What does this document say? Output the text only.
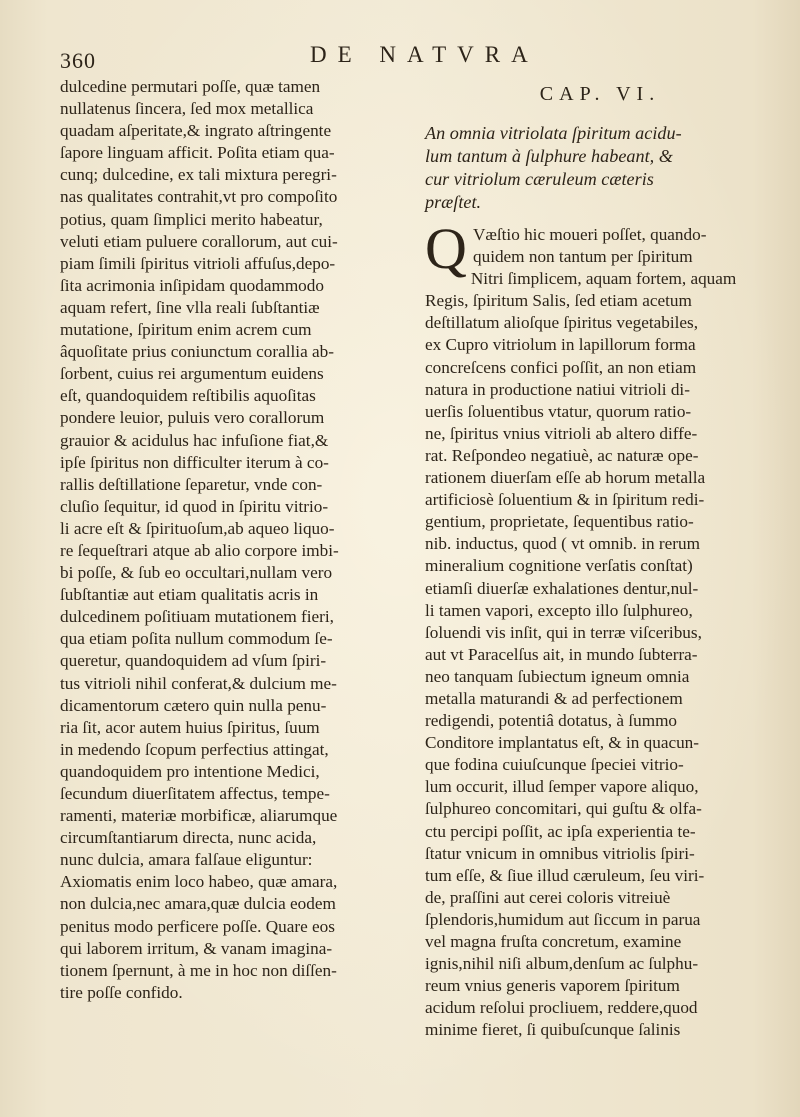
360	DE NATVRA
dulcedine permutari poſſe, quæ tamen
nullatenus ſincera, ſed mox metallica
quadam aſperitate,& ingrato aſtringente
ſapore linguam afficit. Poſita etiam qua-
cunq; dulcedine, ex tali mixtura peregri-
nas qualitates contrahit,vt pro compoſito
potius, quam ſimplici merito habeatur,
veluti etiam puluere corallorum, aut cui-
piam ſimili ſpiritus vitrioli affuſus,depo-
ſita acrimonia inſipidam quodammodo
aquam refert, ſine vlla reali ſubſtantiæ
mutatione, ſpiritum enim acrem cum
âquoſitate prius coniunctum corallia ab-
ſorbent, cuius rei argumentum euidens
eſt, quandoquidem reſtibilis aquoſitas
pondere leuior, puluis vero corallorum
grauior & acidulus hac infuſione fiat,&
ipſe ſpiritus non difficulter iterum à co-
rallis deſtillatione ſeparetur, vnde con-
cluſio ſequitur, id quod in ſpiritu vitrio-
li acre eſt & ſpirituoſum,ab aqueo liquo-
re ſequeſtrari atque ab alio corpore imbi-
bi poſſe, & ſub eo occultari,nullam vero
ſubſtantiæ aut etiam qualitatis acris in
dulcedinem poſitiuam mutationem fieri,
qua etiam poſita nullum commodum ſe-
queretur, quandoquidem ad vſum ſpiri-
tus vitrioli nihil conferat,& dulcium me-
dicamentorum cætero quin nulla penu-
ria ſit, acor autem huius ſpiritus, ſuum
in medendo ſcopum perfectius attingat,
quandoquidem pro intentione Medici,
ſecundum diuerſitatem affectus, tempe-
ramenti, materiæ morbificæ, aliarumque
circumſtantiarum directa, nunc acida,
nunc dulcia, amara falſaue eliguntur:
Axiomatis enim loco habeo, quæ amara,
non dulcia,nec amara,quæ dulcia eodem
penitus modo perficere poſſe. Quare eos
qui laborem irritum, & vanam imagina-
tionem ſpernunt, à me in hoc non diſſen-
tire poſſe confido.
CAP. VI.
An omnia vitriolata ſpiritum acidu-
lum tantum à ſulphure habeant, &
cur vitriolum cæruleum cæteris
præſtet.
Q Væſtio hic moueri poſſet, quando-
quidem non tantum per ſpiritum
Nitri ſimplicem, aquam fortem, aquam
Regis, ſpiritum Salis, ſed etiam acetum
deſtillatum alioſque ſpiritus vegetabiles,
ex Cupro vitriolum in lapillorum forma
concreſcens confici poſſit, an non etiam
natura in productione natiui vitrioli di-
uerſis ſoluentibus vtatur, quorum ratio-
ne, ſpiritus vnius vitrioli ab altero diffe-
rat. Reſpondeo negatiuè, ac naturæ ope-
rationem diuerſam eſſe ab horum metalla
artificiosè ſoluentium & in ſpiritum redi-
gentium, proprietate, ſequentibus ratio-
nib. inductus, quod ( vt omnib. in rerum
mineralium cognitione verſatis conſtat)
etiamſi diuerſæ exhalationes dentur,nul-
li tamen vapori, excepto illo ſulphureo,
ſoluendi vis inſit, qui in terræ viſceribus,
aut vt Paracelſus ait, in mundo ſubterra-
neo tanquam ſubiectum igneum omnia
metalla maturandi & ad perfectionem
redigendi, potentiâ dotatus, à ſummo
Conditore implantatus eſt, & in quacun-
que fodina cuiuſcunque ſpeciei vitrio-
lum occurit, illud ſemper vapore aliquo,
ſulphureo concomitari, qui guſtu & olfa-
ctu percipi poſſit, ac ipſa experientia te-
ſtatur vnicum in omnibus vitriolis ſpiri-
tum eſſe, & ſiue illud cæruleum, ſeu viri-
de, praſſini aut cerei coloris vitreiuè
ſplendoris,humidum aut ſiccum in parua
vel magna fruſta concretum, examine
ignis,nihil niſi album,denſum ac ſulphu-
reum vnius generis vaporem ſpiritum
acidum reſolui procliuem, reddere,quod
minime fieret, ſi quibuſcunque ſalinis
